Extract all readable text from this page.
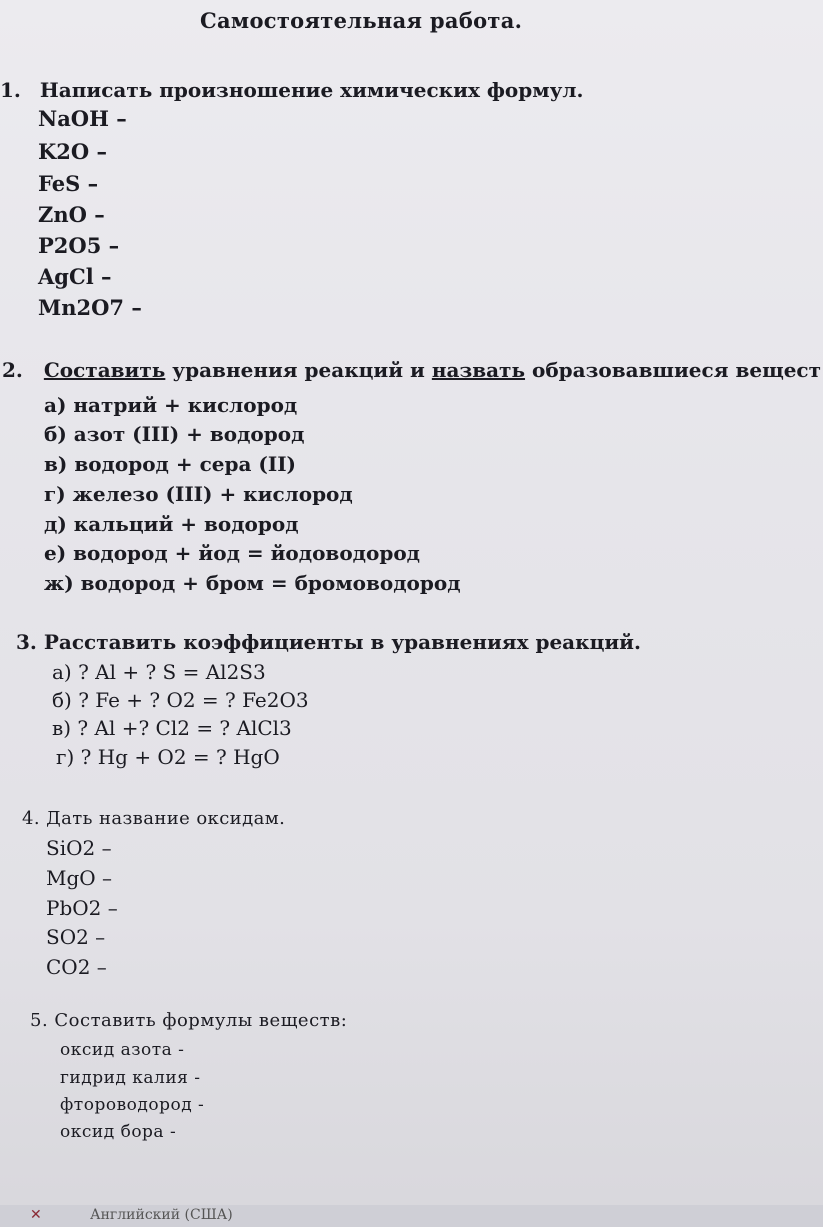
Самостоятельная работа.
1. Написать произношение химических формул.
NaOH –
K2O –
FeS –
ZnO –
P2O5 –
AgCl –
Mn2O7 –
2. Составить уравнения реакций и назвать образовавшиеся вещест
а) натрий + кислород
б) азот (III) + водород
в) водород + сера (II)
г) железо (III) + кислород
д) кальций + водород
е) водород + йод = йодоводород
ж) водород + бром = бромоводород
3. Расставить коэффициенты в уравнениях реакций.
а) ? Al + ? S = Al2S3
б) ? Fe + ? O2 = ? Fe2O3
в) ? Al +? Cl2 = ? AlCl3
г) ? Hg + O2 = ? HgO
4. Дать название оксидам.
SiO2 –
MgO –
PbO2 –
SO2 –
CO2 –
5. Составить формулы веществ:
оксид азота -
гидрид калия -
фтороводород -
оксид бора -
✕	Английский (США)
